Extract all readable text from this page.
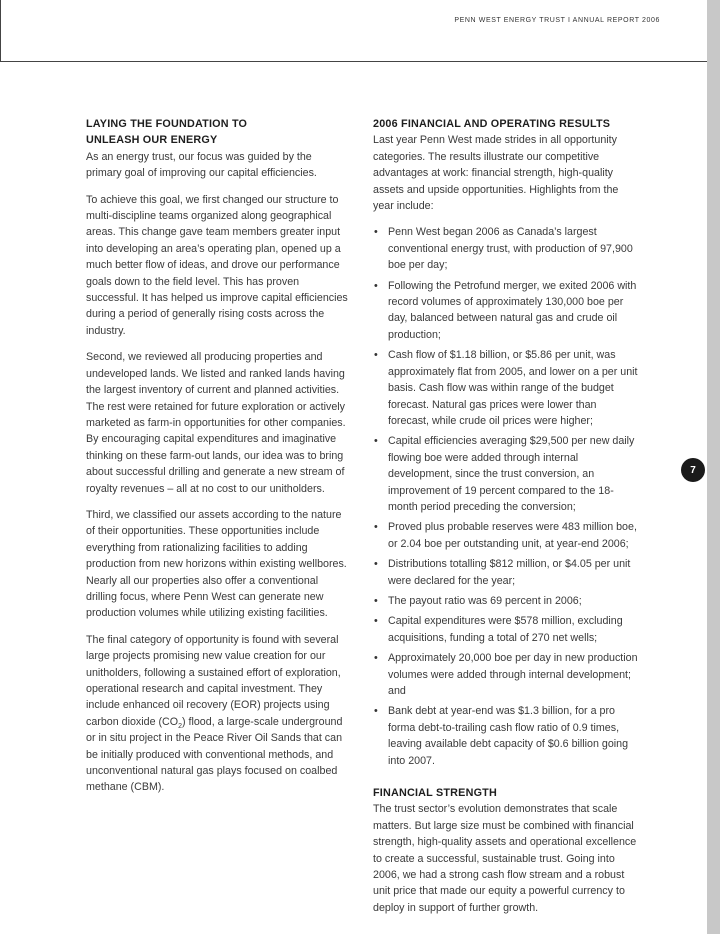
PENN WEST ENERGY TRUST I ANNUAL REPORT 2006
7
LAYING THE FOUNDATION TO
UNLEASH OUR ENERGY

As an energy trust, our focus was guided by the primary goal of improving our capital efficiencies.

To achieve this goal, we first changed our structure to multi-discipline teams organized along geographical areas. This change gave team members greater input into developing an area’s operating plan, opened up a much better flow of ideas, and drove our performance goals down to the field level. This has proven successful. It has helped us improve capital efficiencies during a period of generally rising costs across the industry.

Second, we reviewed all producing properties and undeveloped lands. We listed and ranked lands having the largest inventory of current and planned activities. The rest were retained for future exploration or actively marketed as farm-in opportunities for other companies. By encouraging capital expenditures and imaginative thinking on these farm-out lands, our idea was to bring about successful drilling and generate a new stream of royalty revenues – all at no cost to our unitholders.

Third, we classified our assets according to the nature of their opportunities. These opportunities include everything from rationalizing facilities to adding production from new horizons within existing wellbores. Nearly all our properties also offer a conventional drilling focus, where Penn West can generate new production volumes while utilizing existing facilities.

The final category of opportunity is found with several large projects promising new value creation for our unitholders, following a sustained effort of exploration, operational research and capital investment. They include enhanced oil recovery (EOR) projects using carbon dioxide $(CO_2)$ flood, a large-scale underground or in situ project in the Peace River Oil Sands that can be initially produced with conventional methods, and unconventional natural gas plays focused on coalbed methane (CBM).

2006 FINANCIAL AND OPERATING RESULTS

Last year Penn West made strides in all opportunity categories. The results illustrate our competitive advantages at work: financial strength, high-quality assets and upside opportunities. Highlights from the year include:

• Penn West began 2006 as Canada’s largest conventional energy trust, with production of 97,900 boe per day;
• Following the Petrofund merger, we exited 2006 with record volumes of approximately 130,000 boe per day, balanced between natural gas and crude oil production;
• Cash flow of $1.18 billion, or $5.86 per unit, was approximately flat from 2005, and lower on a per unit basis. Cash flow was within range of the budget forecast. Natural gas prices were lower than forecast, while crude oil prices were higher;
• Capital efficiencies averaging $29,500 per new daily flowing boe were added through internal development, since the trust conversion, an improvement of 19 percent compared to the 18-month period preceding the conversion;
• Proved plus probable reserves were 483 million boe, or 2.04 boe per outstanding unit, at year-end 2006;
• Distributions totalling $812 million, or $4.05 per unit were declared for the year;
• The payout ratio was 69 percent in 2006;
• Capital expenditures were $578 million, excluding acquisitions, funding a total of 270 net wells;
• Approximately 20,000 boe per day in new production volumes were added through internal development; and
• Bank debt at year-end was $1.3 billion, for a pro forma debt-to-trailing cash flow ratio of 0.9 times, leaving available debt capacity of $0.6 billion going into 2007.
FINANCIAL STRENGTH

The trust sector’s evolution demonstrates that scale matters. But large size must be combined with financial strength, high-quality assets and operational excellence to create a successful, sustainable trust. Going into 2006, we had a strong cash flow stream and a robust unit price that made our equity a powerful currency to deploy in support of further growth.
